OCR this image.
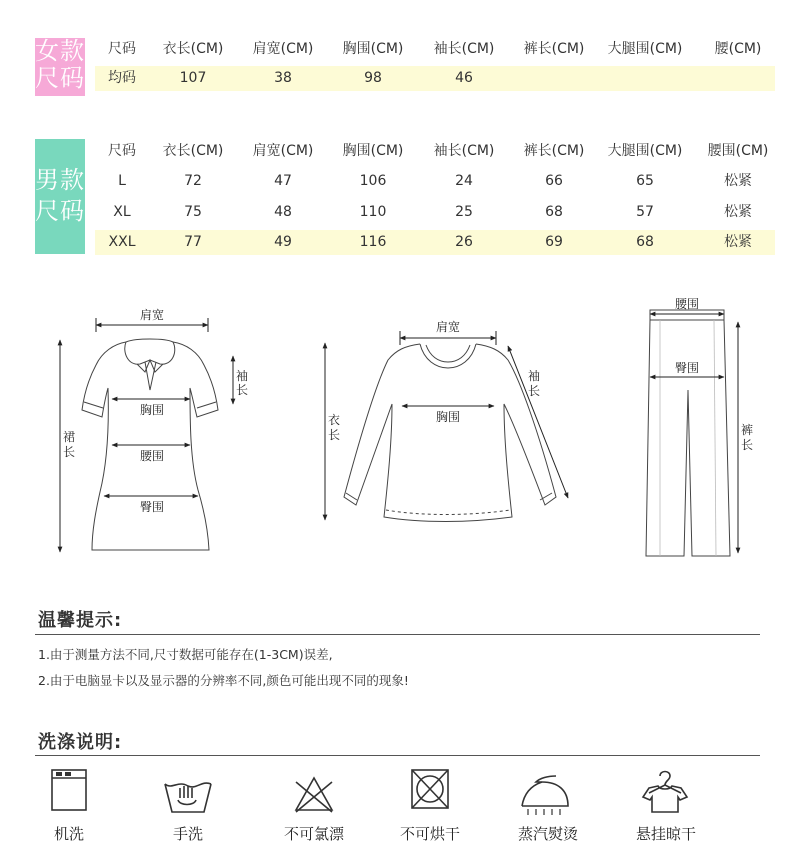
女款
尺码
尺码 衣长(CM) 肩宽(CM) 胸围(CM) 袖长(CM) 裤长(CM) 大腿围(CM) 腰(CM)
均码	107	38	98	46
男款
尺码
尺码 衣长(CM) 肩宽(CM) 胸围(CM) 袖长(CM) 裤长(CM) 大腿围(CM) 腰围(CM)
L	72	47	106	24	66	65	松紧
XL	75	48	110	25	68	57	松紧
XXL	77	49	116	26	69	68	松紧
肩宽
袖
长
裙
长
胸围
腰围
臀围
肩宽
袖
长
衣
长
胸围
腰围
臀围
裤
长
温馨提示:
1.由于测量方法不同,尺寸数据可能存在(1-3CM)误差,
2.由于电脑显卡以及显示器的分辨率不同,颜色可能出现不同的现象!
洗涤说明:
机洗	手洗	不可氯漂	不可烘干	蒸汽熨烫	悬挂晾干
